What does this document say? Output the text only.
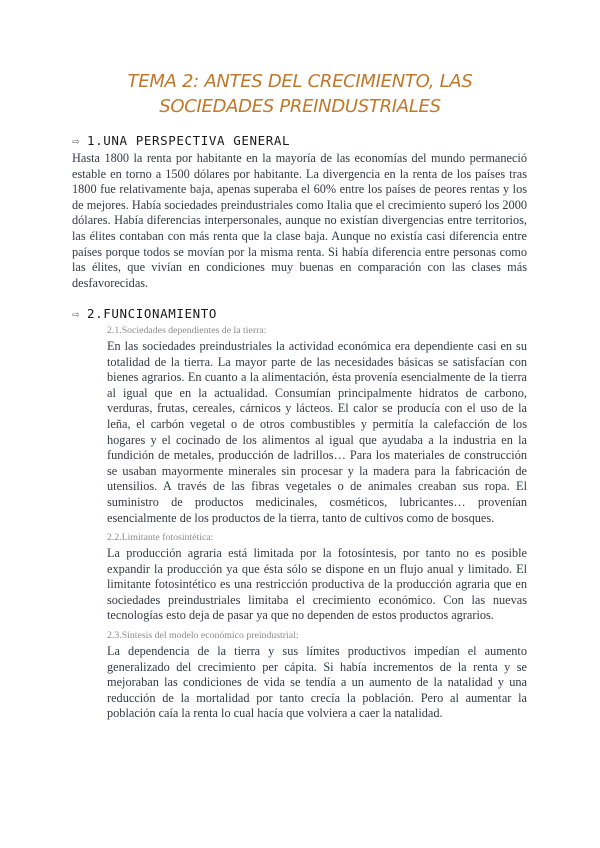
TEMA 2: ANTES DEL CRECIMIENTO, LAS SOCIEDADES PREINDUSTRIALES
⇨ 1.UNA PERSPECTIVA GENERAL

Hasta 1800 la renta por habitante en la mayoría de las economías del mundo permaneció estable en torno a 1500 dólares por habitante. La divergencia en la renta de los países tras 1800 fue relativamente baja, apenas superaba el 60% entre los países de peores rentas y los de mejores. Había sociedades preindustriales como Italia que el crecimiento superó los 2000 dólares. Había diferencias interpersonales, aunque no existían divergencias entre territorios, las élites contaban con más renta que la clase baja. Aunque no existía casi diferencia entre países porque todos se movían por la misma renta. Si había diferencia entre personas como las élites, que vivían en condiciones muy buenas en comparación con las clases más desfavorecidas.

⇨ 2.FUNCIONAMIENTO
2.1.Sociedades dependientes de la tierra:

En las sociedades preindustriales la actividad económica era dependiente casi en su totalidad de la tierra. La mayor parte de las necesidades básicas se satisfacían con bienes agrarios. En cuanto a la alimentación, ésta provenía esencialmente de la tierra al igual que en la actualidad. Consumían principalmente hidratos de carbono, verduras, frutas, cereales, cárnicos y lácteos. El calor se producía con el uso de la leña, el carbón vegetal o de otros combustibles y permitía la calefacción de los hogares y el cocinado de los alimentos al igual que ayudaba a la industria en la fundición de metales, producción de ladrillos… Para los materiales de construcción se usaban mayormente minerales sin procesar y la madera para la fabricación de utensilios. A través de las fibras vegetales o de animales creaban sus ropa. El suministro de productos medicinales, cosméticos, lubricantes… provenían esencialmente de los productos de la tierra, tanto de cultivos como de bosques.

2.2.Limitante fotosintética:

La producción agraria está limitada por la fotosíntesis, por tanto no es posible expandir la producción ya que ésta sólo se dispone en un flujo anual y limitado. El limitante fotosintético es una restricción productiva de la producción agraria que en sociedades preindustriales limitaba el crecimiento económico. Con las nuevas tecnologías esto deja de pasar ya que no dependen de estos productos agrarios.

2.3.Síntesis del modelo económico preindustrial:

La dependencia de la tierra y sus límites productivos impedían el aumento generalizado del crecimiento per cápita. Si había incrementos de la renta y se mejoraban las condiciones de vida se tendía a un aumento de la natalidad y una reducción de la mortalidad por tanto crecía la población. Pero al aumentar la población caía la renta lo cual hacía que volviera a caer la natalidad.
